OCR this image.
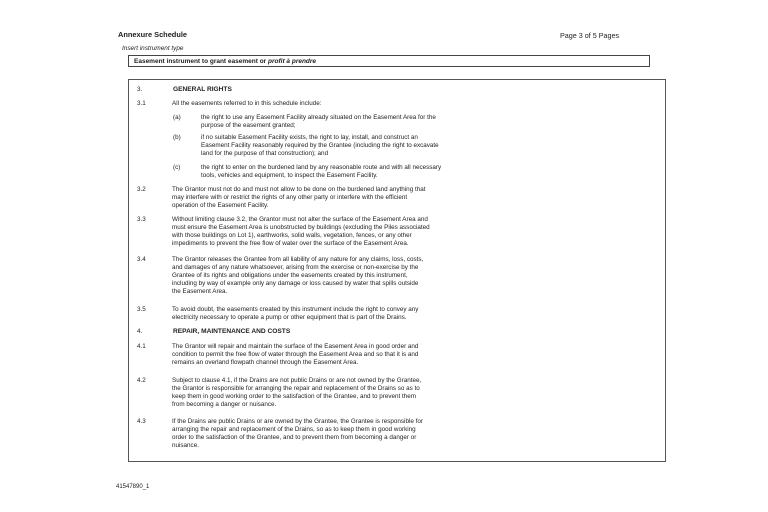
Annexure Schedule	Page 3 of 5 Pages
Insert instrument type
Easement instrument to grant easement or profit à prendre
3.	GENERAL RIGHTS
3.1	All the easements referred to in this schedule include:
(a)	the right to use any Easement Facility already situated on the Easement Area for the
purpose of the easement granted;
(b)	if no suitable Easement Facility exists, the right to lay, install, and construct an
Easement Facility reasonably required by the Grantee (including the right to excavate
land for the purpose of that construction); and
(c)	the right to enter on the burdened land by any reasonable route and with all necessary
tools, vehicles and equipment, to inspect the Easement Facility.
3.2	The Grantor must not do and must not allow to be done on the burdened land anything that
may interfere with or restrict the rights of any other party or interfere with the efficient
operation of the Easement Facility.
3.3	Without limiting clause 3.2, the Grantor must not alter the surface of the Easement Area and
must ensure the Easement Area is unobstructed by buildings (excluding the Piles associated
with those buildings on Lot 1), earthworks, solid walls, vegetation, fences, or any other
impediments to prevent the free flow of water over the surface of the Easement Area.
3.4	The Grantor releases the Grantee from all liability of any nature for any claims, loss, costs,
and damages of any nature whatsoever, arising from the exercise or non-exercise by the
Grantee of its rights and obligations under the easements created by this instrument,
including by way of example only any damage or loss caused by water that spills outside
the Easement Area.
3.5	To avoid doubt, the easements created by this instrument include the right to convey any
electricity necessary to operate a pump or other equipment that is part of the Drains.
4.	REPAIR, MAINTENANCE AND COSTS
4.1	The Grantor will repair and maintain the surface of the Easement Area in good order and
condition to permit the free flow of water through the Easement Area and so that it is and
remains an overland flowpath channel through the Easement Area.
4.2	Subject to clause 4.1, if the Drains are not public Drains or are not owned by the Grantee,
the Grantor is responsible for arranging the repair and replacement of the Drains so as to
keep them in good working order to the satisfaction of the Grantee, and to prevent them
from becoming a danger or nuisance.
4.3	If the Drains are public Drains or are owned by the Grantee, the Grantee is responsible for
arranging the repair and replacement of the Drains, so as to keep them in good working
order to the satisfaction of the Grantee, and to prevent them from becoming a danger or
nuisance.
41547890_1
